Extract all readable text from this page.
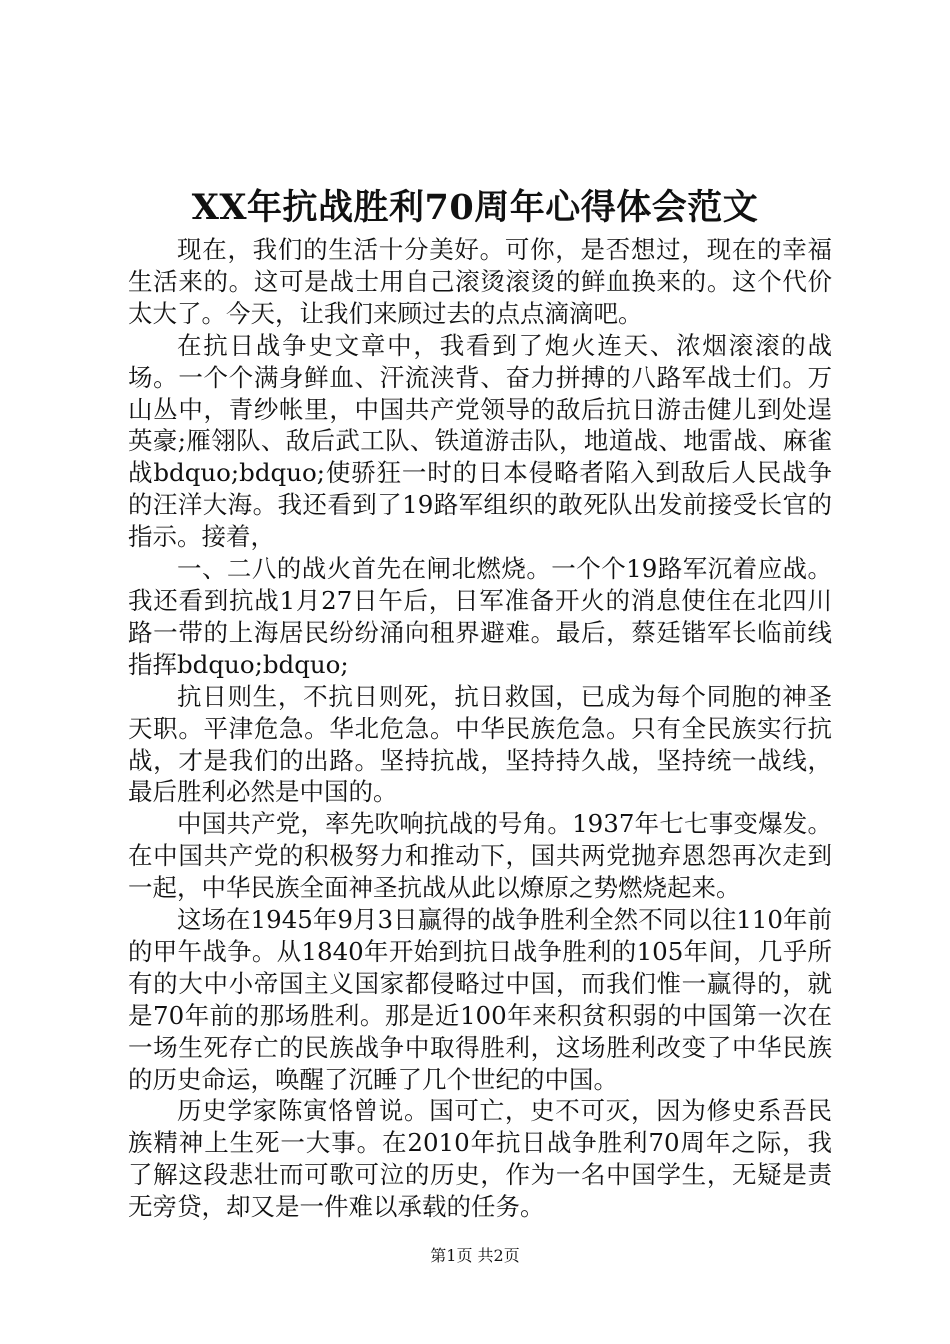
XX年抗战胜利70周年心得体会范文

现在，我们的生活十分美好。可你，是否想过，现在的幸福生活来的。这可是战士用自己滚烫滚烫的鲜血换来的。这个代价太大了。今天，让我们来顾过去的点点滴滴吧。

在抗日战争史文章中，我看到了炮火连天、浓烟滚滚的战场。一个个满身鲜血、汗流浃背、奋力拼搏的八路军战士们。万山丛中，青纱帐里，中国共产党领导的敌后抗日游击健儿到处逞英豪;雁翎队、敌后武工队、铁道游击队，地道战、地雷战、麻雀战bdquo;bdquo;使骄狂一时的日本侵略者陷入到敌后人民战争的汪洋大海。我还看到了19路军组织的敢死队出发前接受长官的指示。接着，

一、二八的战火首先在闸北燃烧。一个个19路军沉着应战。我还看到抗战1月27日午后，日军准备开火的消息使住在北四川路一带的上海居民纷纷涌向租界避难。最后，蔡廷锴军长临前线指挥bdquo;bdquo;

抗日则生，不抗日则死，抗日救国，已成为每个同胞的神圣天职。平津危急。华北危急。中华民族危急。只有全民族实行抗战，才是我们的出路。坚持抗战，坚持持久战，坚持统一战线，最后胜利必然是中国的。

中国共产党，率先吹响抗战的号角。1937年七七事变爆发。在中国共产党的积极努力和推动下，国共两党抛弃恩怨再次走到一起，中华民族全面神圣抗战从此以燎原之势燃烧起来。

这场在1945年9月3日赢得的战争胜利全然不同以往110年前的甲午战争。从1840年开始到抗日战争胜利的105年间，几乎所有的大中小帝国主义国家都侵略过中国，而我们惟一赢得的，就是70年前的那场胜利。那是近100年来积贫积弱的中国第一次在一场生死存亡的民族战争中取得胜利，这场胜利改变了中华民族的历史命运，唤醒了沉睡了几个世纪的中国。

历史学家陈寅恪曾说。国可亡，史不可灭，因为修史系吾民族精神上生死一大事。在2010年抗日战争胜利70周年之际，我了解这段悲壮而可歌可泣的历史，作为一名中国学生，无疑是责无旁贷，却又是一件难以承载的任务。

第1页 共2页
